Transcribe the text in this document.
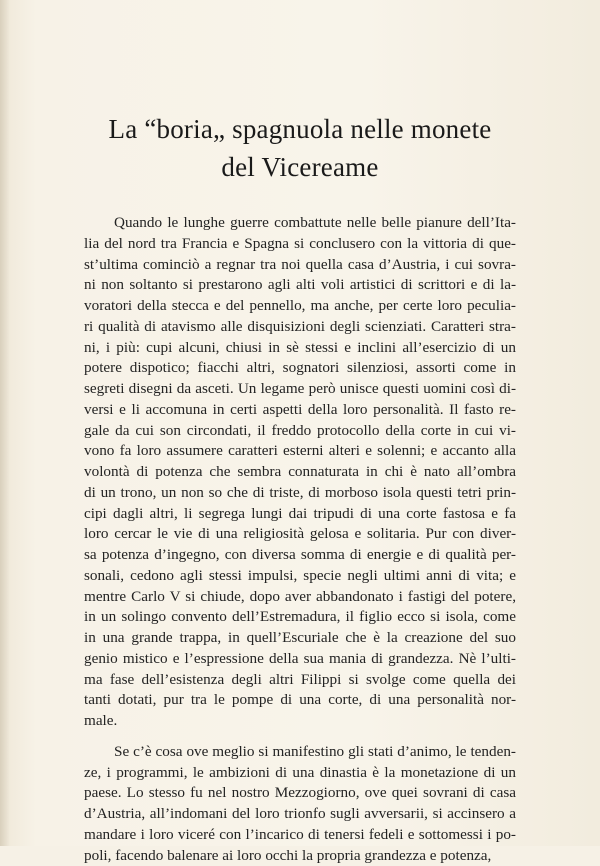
La “boria„ spagnuola nelle monete
del Vicereame
Quando le lunghe guerre combattute nelle belle pianure dell’Ita-
lia del nord tra Francia e Spagna si conclusero con la vittoria di que-
st’ultima cominciò a regnar tra noi quella casa d’Austria, i cui sovra-
ni non soltanto si prestarono agli alti voli artistici di scrittori e di la-
voratori della stecca e del pennello, ma anche, per certe loro peculia-
ri qualità di atavismo alle disquisizioni degli scienziati. Caratteri stra-
ni, i più: cupi alcuni, chiusi in sè stessi e inclini all’esercizio di un
potere dispotico; fiacchi altri, sognatori silenziosi, assorti come in
segreti disegni da asceti. Un legame però unisce questi uomini così di-
versi e li accomuna in certi aspetti della loro personalità. Il fasto re-
gale da cui son circondati, il freddo protocollo della corte in cui vi-
vono fa loro assumere caratteri esterni alteri e solenni; e accanto alla
volontà di potenza che sembra connaturata in chi è nato all’ombra
di un trono, un non so che di triste, di morboso isola questi tetri prin-
cipi dagli altri, li segrega lungi dai tripudi di una corte fastosa e fa
loro cercar le vie di una religiosità gelosa e solitaria. Pur con diver-
sa potenza d’ingegno, con diversa somma di energie e di qualità per-
sonali, cedono agli stessi impulsi, specie negli ultimi anni di vita; e
mentre Carlo V si chiude, dopo aver abbandonato i fastigi del potere,
in un solingo convento dell’Estremadura, il figlio ecco si isola, come
in una grande trappa, in quell’Escuriale che è la creazione del suo
genio mistico e l’espressione della sua mania di grandezza. Nè l’ulti-
ma fase dell’esistenza degli altri Filippi si svolge come quella dei
tanti dotati, pur tra le pompe di una corte, di una personalità nor-
male.
Se c’è cosa ove meglio si manifestino gli stati d’animo, le tenden-
ze, i programmi, le ambizioni di una dinastia è la monetazione di un
paese. Lo stesso fu nel nostro Mezzogiorno, ove quei sovrani di casa
d’Austria, all’indomani del loro trionfo sugli avversarii, si accinsero a
mandare i loro viceré con l’incarico di tenersi fedeli e sottomessi i po-
poli, facendo balenare ai loro occhi la propria grandezza e potenza,
